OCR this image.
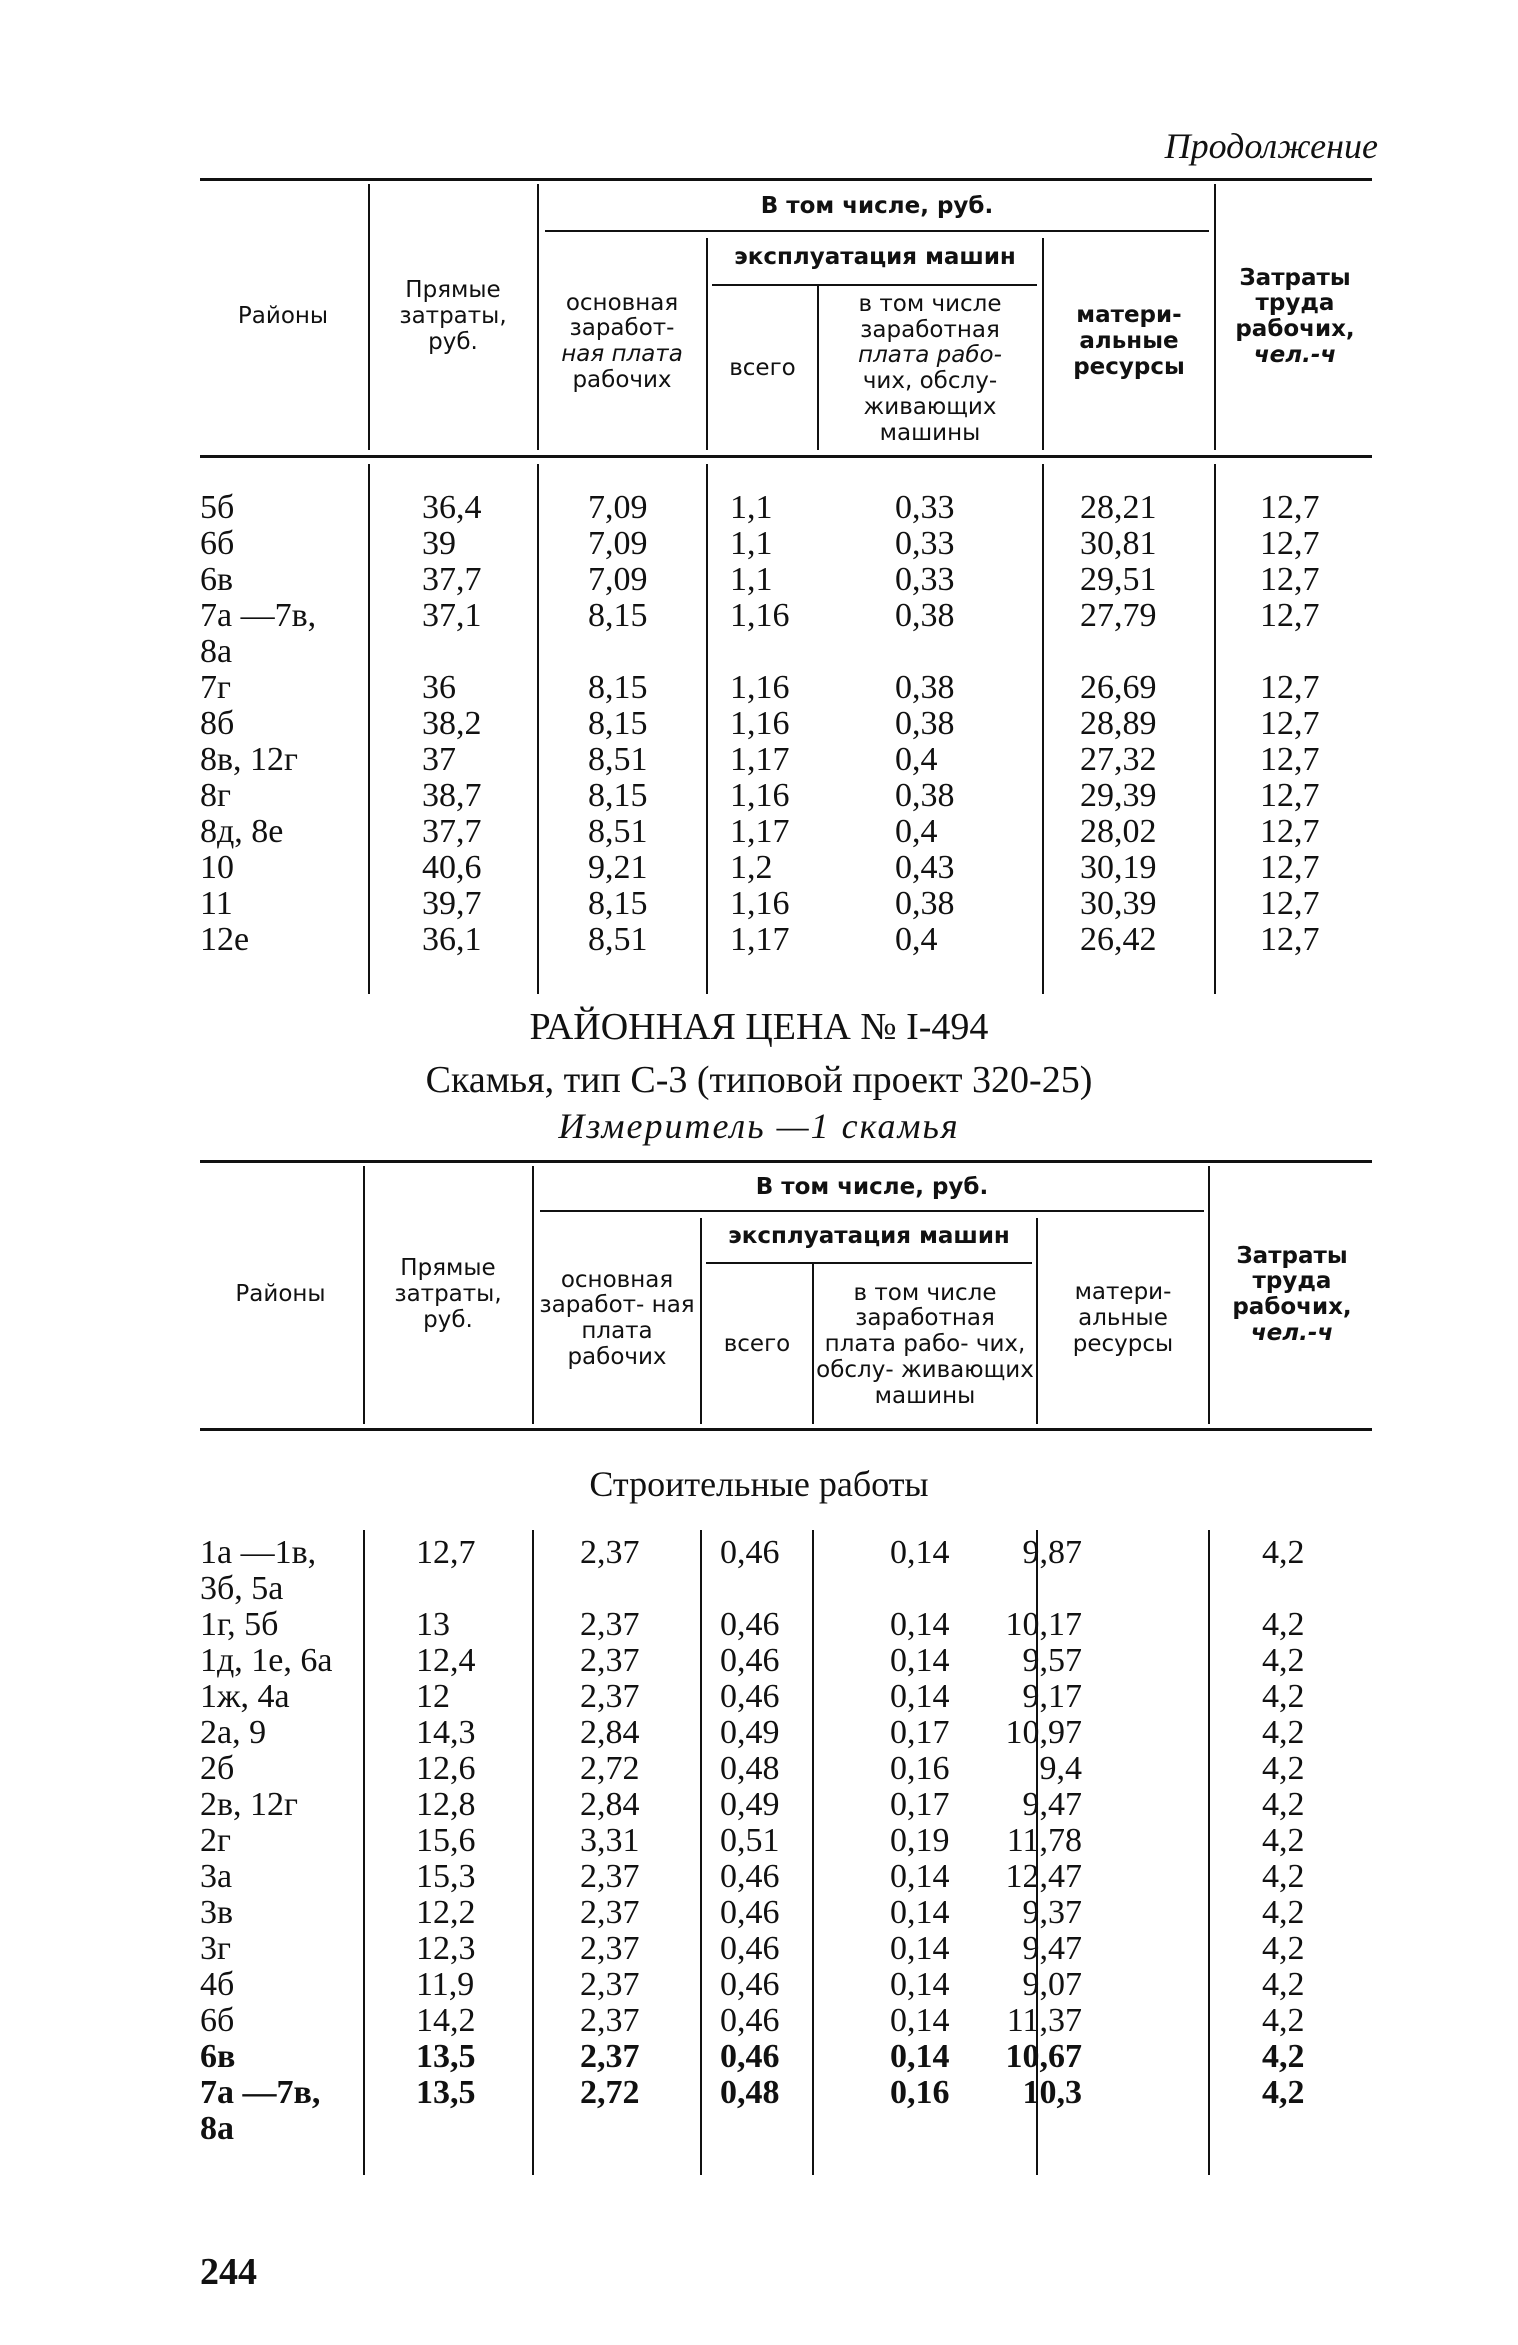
Продолжение
Районы
Прямые затраты, руб.
В том числе, руб.
основная заработ-
ная плата
рабочих
эксплуатация машин
всего
в том числе заработная
плата рабо-
чих, обслу- живающих машины
матери- альные ресурсы
Затраты труда рабочих,
чел.-ч
5б	36,4	7,09 1,1	0,33	28,21	12,7
6б	39	7,09 1,1	0,33	30,81	12,7
6в	37,7	7,09 1,1	0,33	29,51	12,7
7а —7в,	37,1	8,15 1,16	0,38	27,79	12,7
8а
7г	36	8,15 1,16	0,38	26,69	12,7
8б	38,2	8,15 1,16	0,38	28,89	12,7
8в, 12г	37	8,51 1,17	0,4	27,32	12,7
8г	38,7	8,15 1,16	0,38	29,39	12,7
8д, 8е	37,7	8,51 1,17	0,4	28,02	12,7
10	40,6	9,21 1,2	0,43	30,19	12,7
11	39,7	8,15 1,16	0,38	30,39	12,7
12е	36,1	8,51 1,17	0,4	26,42	12,7
РАЙОННАЯ ЦЕНА № I-494
Скамья, тип С-3 (типовой проект 320-25)
Измеритель —1 скамья
Районы
Прямые затраты, руб.
В том числе, руб.
основная заработ- ная плата рабочих
эксплуатация машин
всего
в том числе заработная плата рабо- чих, обслу- живающих машины
матери- альные ресурсы
Затраты труда рабочих,
чел.-ч
1а —1в,	12,7	2,37 0,46	0,14 9,87	4,2
3б, 5а
1г, 5б	13	2,37 0,46	0,14 10,17	4,2
1д, 1е, 6а 12,4	2,37 0,46	0,14 9,57	4,2
1ж, 4а	12	2,37 0,46	0,14 9,17	4,2
2а, 9	14,3	2,84 0,49	0,17 10,97	4,2
2б	12,6	2,72 0,48	0,16	9,4	4,2
2в, 12г	12,8	2,84 0,49	0,17 9,47	4,2
2г	15,6	3,31 0,51	0,19 11,78	4,2
3а	15,3	2,37 0,46	0,14 12,47	4,2
3в	12,2	2,37 0,46	0,14 9,37	4,2
3г	12,3	2,37 0,46	0,14 9,47	4,2
4б	11,9	2,37 0,46	0,14 9,07	4,2
6б	14,2	2,37 0,46	0,14 11,37	4,2
6в	13,5	2,37 0,46	0,14 10,67	4,2
7а —7в,	13,5	2,72 0,48	0,16 10,3	4,2
8а
Строительные работы
244
